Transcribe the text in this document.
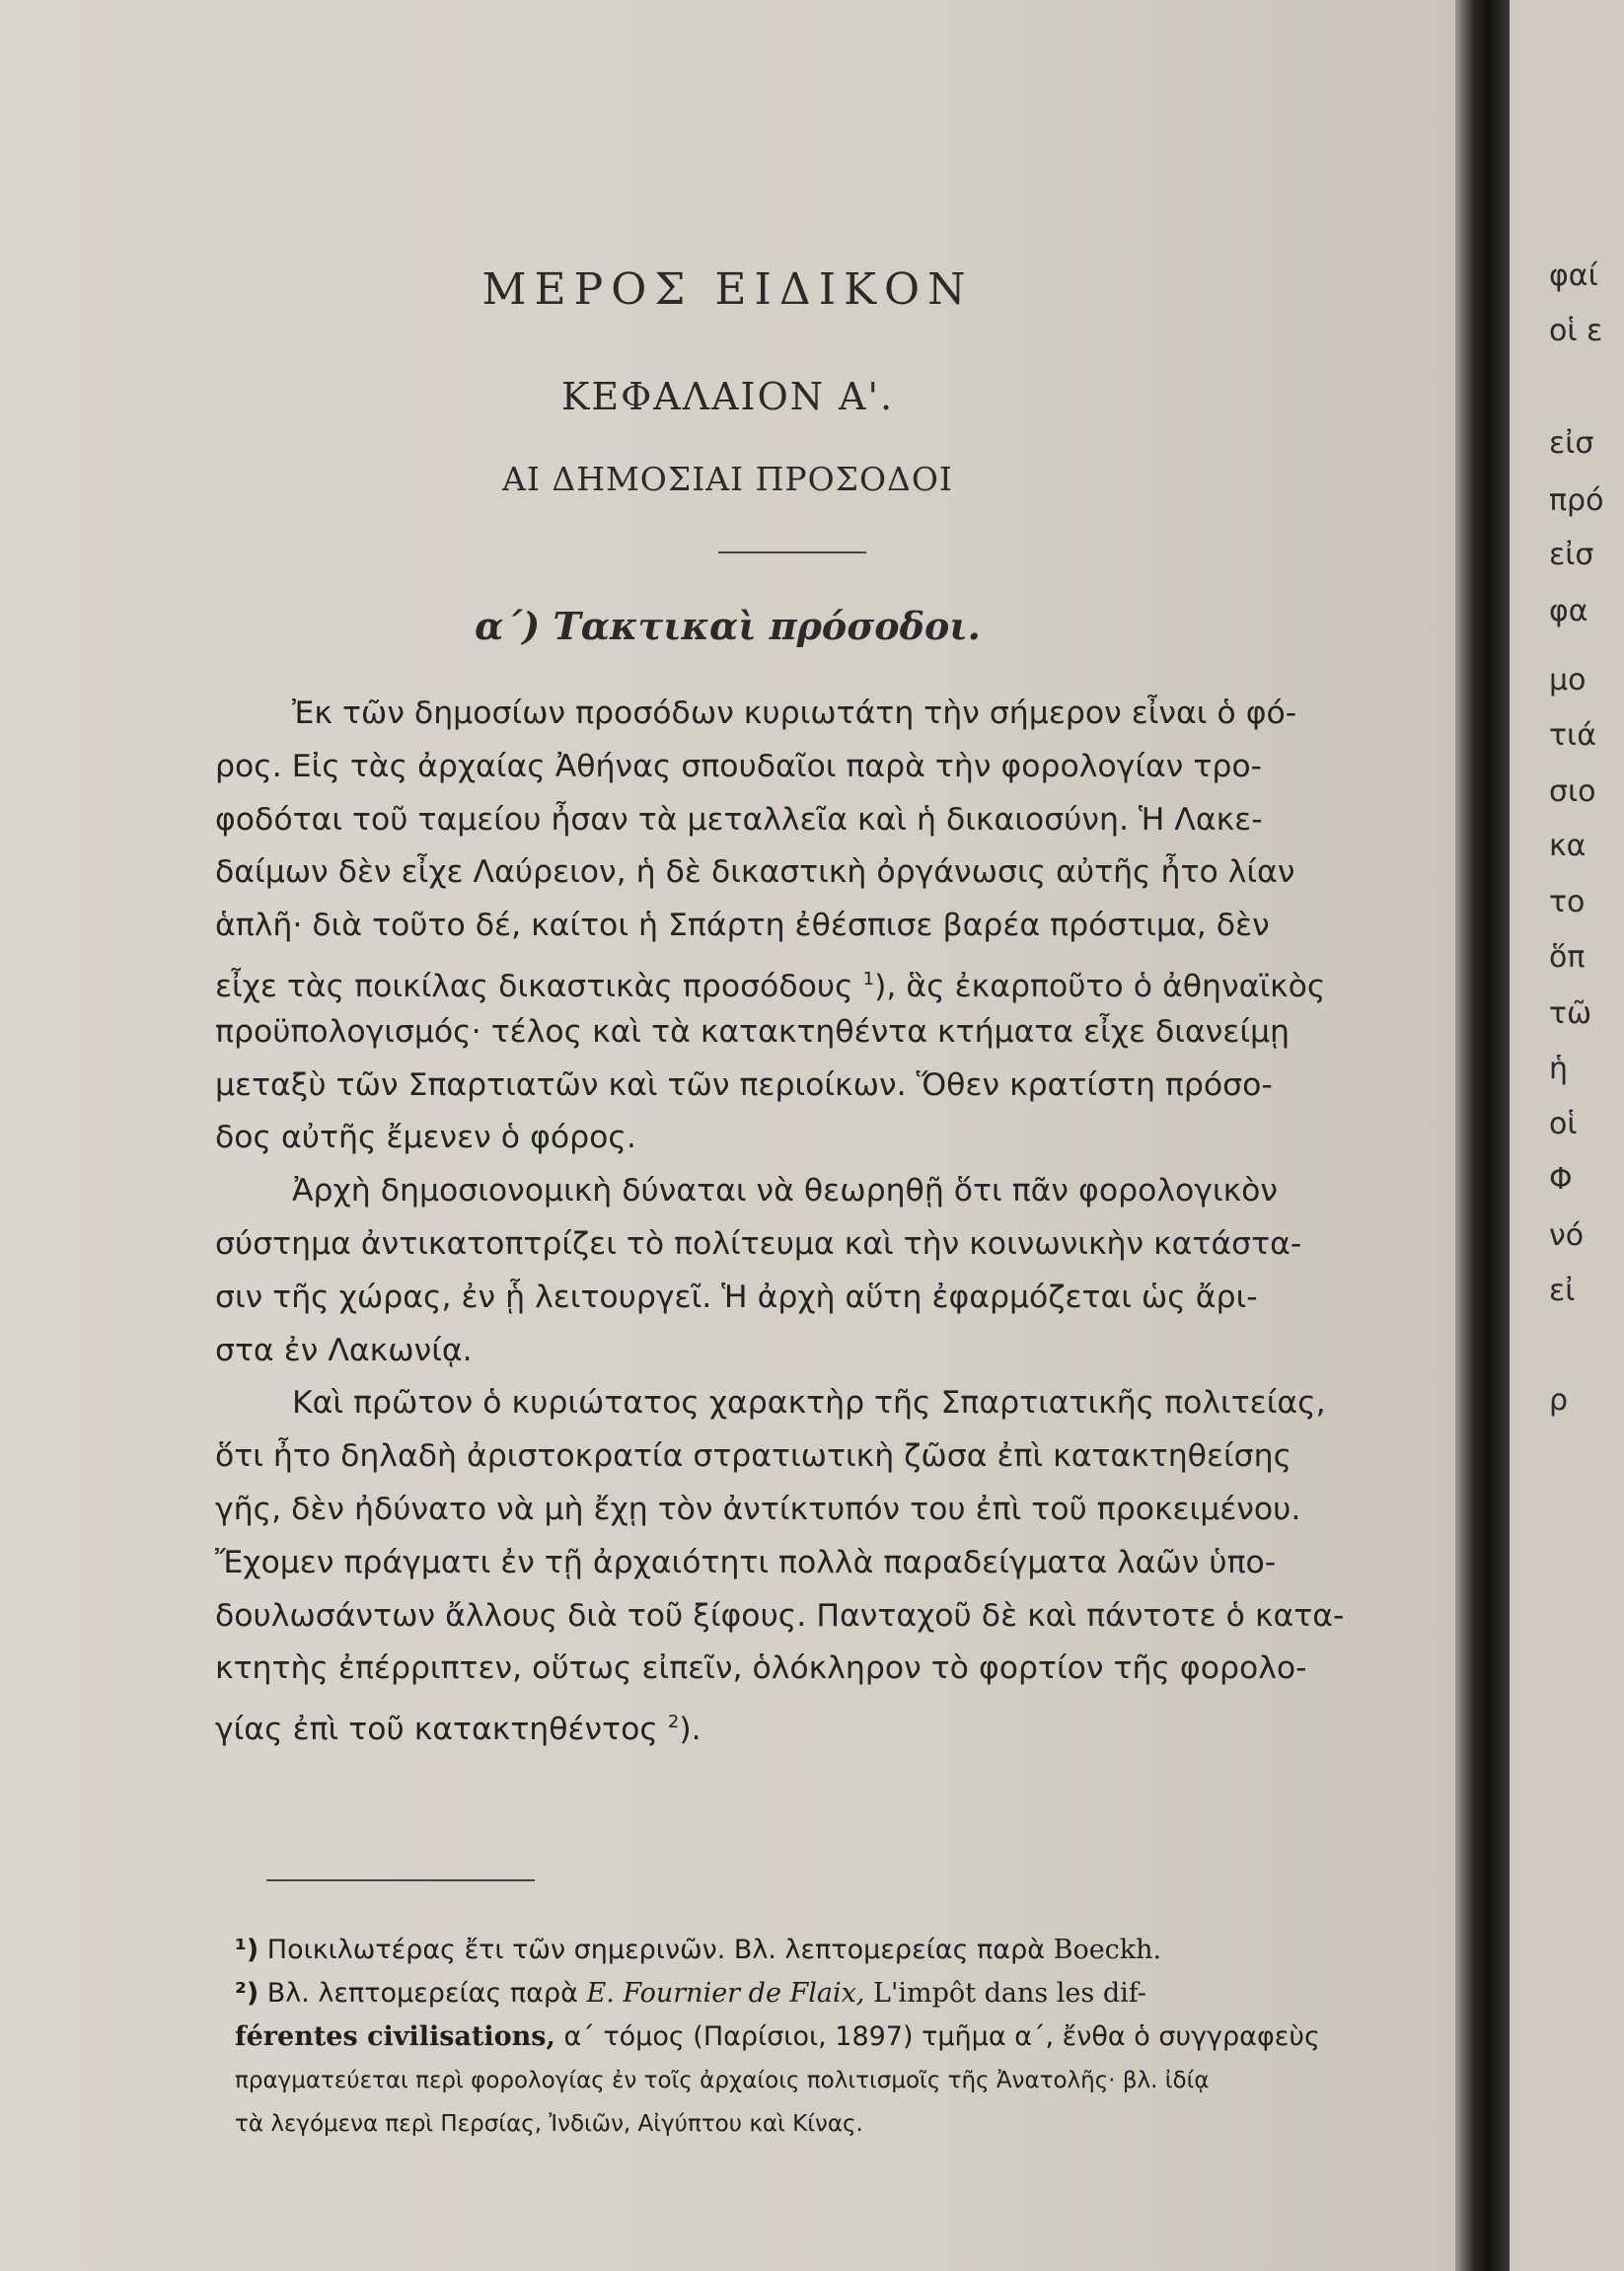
ΜΕΡΟΣ ΕΙΔΙΚΟΝ
ΚΕΦΑΛΑΙΟΝ Α'.
ΑΙ ΔΗΜΟΣΙΑΙ ΠΡΟΣΟΔΟΙ
α΄) Τακτικαὶ πρόσοδοι.
Ἐκ τῶν δημοσίων προσόδων κυριωτάτη τὴν σήμερον εἶναι ὁ φό-
ρος. Εἰς τὰς ἀρχαίας Ἀθήνας σπουδαῖοι παρὰ τὴν φορολογίαν τρο-
φοδόται τοῦ ταμείου ἦσαν τὰ μεταλλεῖα καὶ ἡ δικαιοσύνη. Ἡ Λακε-
δαίμων δὲν εἶχε Λαύρειον, ἡ δὲ δικαστικὴ ὀργάνωσις αὐτῆς ἦτο λίαν
ἁπλῆ· διὰ τοῦτο δέ, καίτοι ἡ Σπάρτη ἐθέσπισε βαρέα πρόστιμα, δὲν
εἶχε τὰς ποικίλας δικαστικὰς προσόδους $^1$), ἃς ἐκαρποῦτο ὁ ἀθηναϊκὸς
προϋπολογισμός· τέλος καὶ τὰ κατακτηθέντα κτήματα εἶχε διανείμῃ
μεταξὺ τῶν Σπαρτιατῶν καὶ τῶν περιοίκων. Ὅθεν κρατίστη πρόσο-
δος αὐτῆς ἔμενεν ὁ φόρος.
Ἀρχὴ δημοσιονομικὴ δύναται νὰ θεωρηθῇ ὅτι πᾶν φορολογικὸν
σύστημα ἀντικατοπτρίζει τὸ πολίτευμα καὶ τὴν κοινωνικὴν κατάστα-
σιν τῆς χώρας, ἐν ᾗ λειτουργεῖ. Ἡ ἀρχὴ αὕτη ἐφαρμόζεται ὡς ἄρι-
στα ἐν Λακωνίᾳ.
Καὶ πρῶτον ὁ κυριώτατος χαρακτὴρ τῆς Σπαρτιατικῆς πολιτείας,
ὅτι ἦτο δηλαδὴ ἀριστοκρατία στρατιωτικὴ ζῶσα ἐπὶ κατακτηθείσης
γῆς, δὲν ἠδύνατο νὰ μὴ ἔχῃ τὸν ἀντίκτυπόν του ἐπὶ τοῦ προκειμένου.
Ἔχομεν πράγματι ἐν τῇ ἀρχαιότητι πολλὰ παραδείγματα λαῶν ὑπο-
δουλωσάντων ἄλλους διὰ τοῦ ξίφους. Πανταχοῦ δὲ καὶ πάντοτε ὁ κατα-
κτητὴς ἐπέρριπτεν, οὕτως εἰπεῖν, ὁλόκληρον τὸ φορτίον τῆς φορολο-
γίας ἐπὶ τοῦ κατακτηθέντος $^2$).
¹) Ποικιλωτέρας ἔτι τῶν σημερινῶν. Βλ. λεπτομερείας παρὰ Boeckh.
²) Βλ. λεπτομερείας παρὰ E. Fournier de Flaix, L'impôt dans les dif-
férentes civilisations, α΄ τόμος (Παρίσιοι, 1897) τμῆμα α΄, ἔνθα ὁ συγγραφεὺς
πραγματεύεται περὶ φορολογίας ἐν τοῖς ἀρχαίοις πολιτισμοῖς τῆς Ἀνατολῆς· βλ. ἰδίᾳ
τὰ λεγόμενα περὶ Περσίας, Ἰνδιῶν, Αἰγύπτου καὶ Κίνας.
φαί
οἱ ε
εἰσ
πρό
εἰσ
φα
μο
τιά
σιο
κα
το
ὅπ
τῶ
ἡ
οἱ
Φ
νό
εἰ
ρ
